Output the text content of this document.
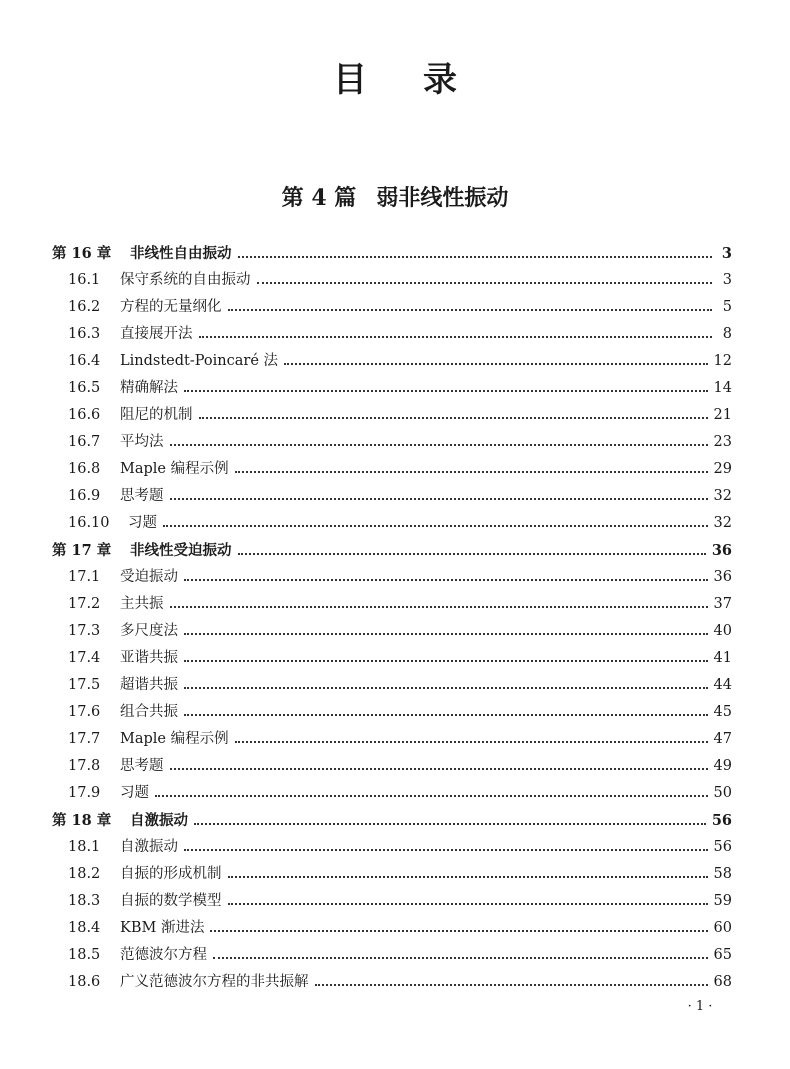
目 录
第 4 篇 弱非线性振动
第 16 章	非线性自由振动	3
16.1	保守系统的自由振动	3
16.2	方程的无量纲化	5
16.3	直接展开法	8
16.4	Lindstedt-Poincaré 法	12
16.5	精确解法	14
16.6	阻尼的机制	21
16.7	平均法	23
16.8	Maple 编程示例	29
16.9	思考题	32
16.10	习题	32
第 17 章	非线性受迫振动	36
17.1	受迫振动	36
17.2	主共振	37
17.3	多尺度法	40
17.4	亚谐共振	41
17.5	超谐共振	44
17.6	组合共振	45
17.7	Maple 编程示例	47
17.8	思考题	49
17.9	习题	50
第 18 章	自激振动	56
18.1	自激振动	56
18.2	自振的形成机制	58
18.3	自振的数学模型	59
18.4	KBM 渐进法	60
18.5	范德波尔方程	65
18.6	广义范德波尔方程的非共振解	68
· 1 ·
